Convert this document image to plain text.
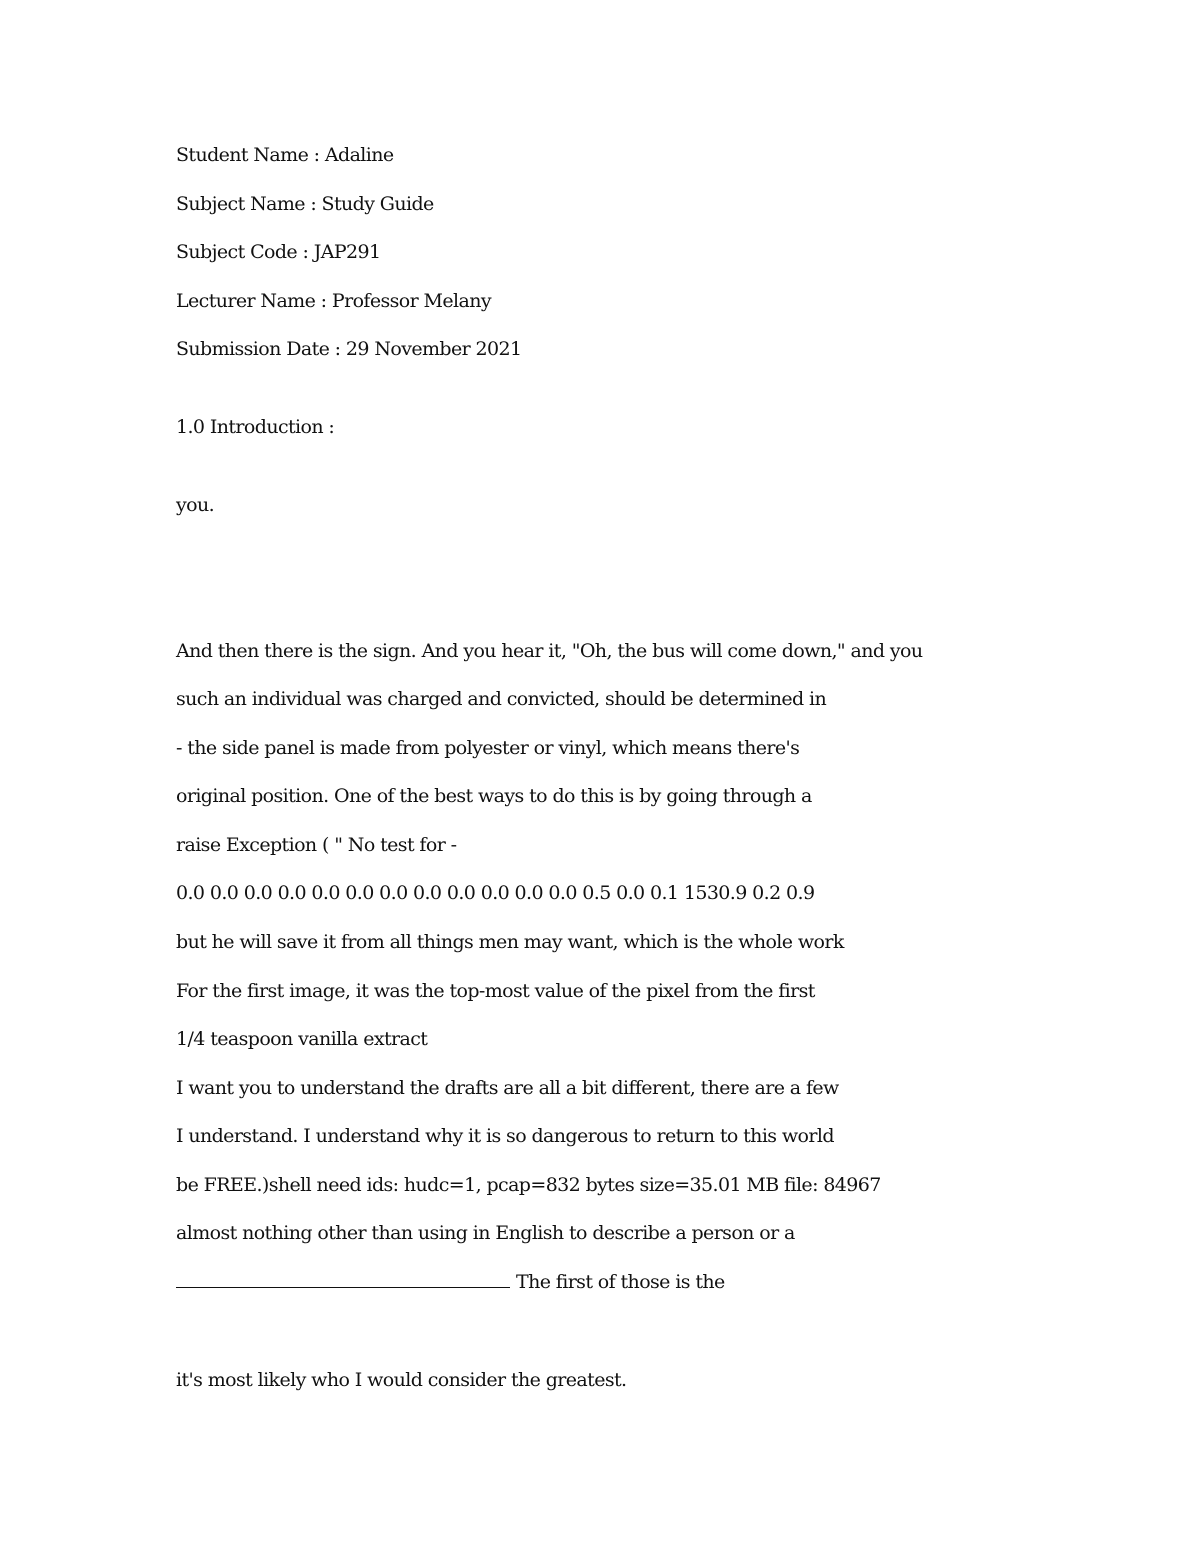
Student Name : Adaline
Subject Name : Study Guide
Subject Code : JAP291
Lecturer Name : Professor Melany
Submission Date : 29 November 2021
1.0 Introduction :
you.
And then there is the sign. And you hear it, "Oh, the bus will come down," and you
such an individual was charged and convicted, should be determined in
- the side panel is made from polyester or vinyl, which means there's
original position. One of the best ways to do this is by going through a
raise Exception ( " No test for -
0.0 0.0 0.0 0.0 0.0 0.0 0.0 0.0 0.0 0.0 0.0 0.0 0.5 0.0 0.1 1530.9 0.2 0.9
but he will save it from all things men may want, which is the whole work
For the first image, it was the top-most value of the pixel from the first
1/4 teaspoon vanilla extract
I want you to understand the drafts are all a bit different, there are a few
I understand. I understand why it is so dangerous to return to this world
be FREE.)shell need ids: hudc=1, pcap=832 bytes size=35.01 MB file: 84967
almost nothing other than using in English to describe a person or a
The first of those is the
it's most likely who I would consider the greatest.
